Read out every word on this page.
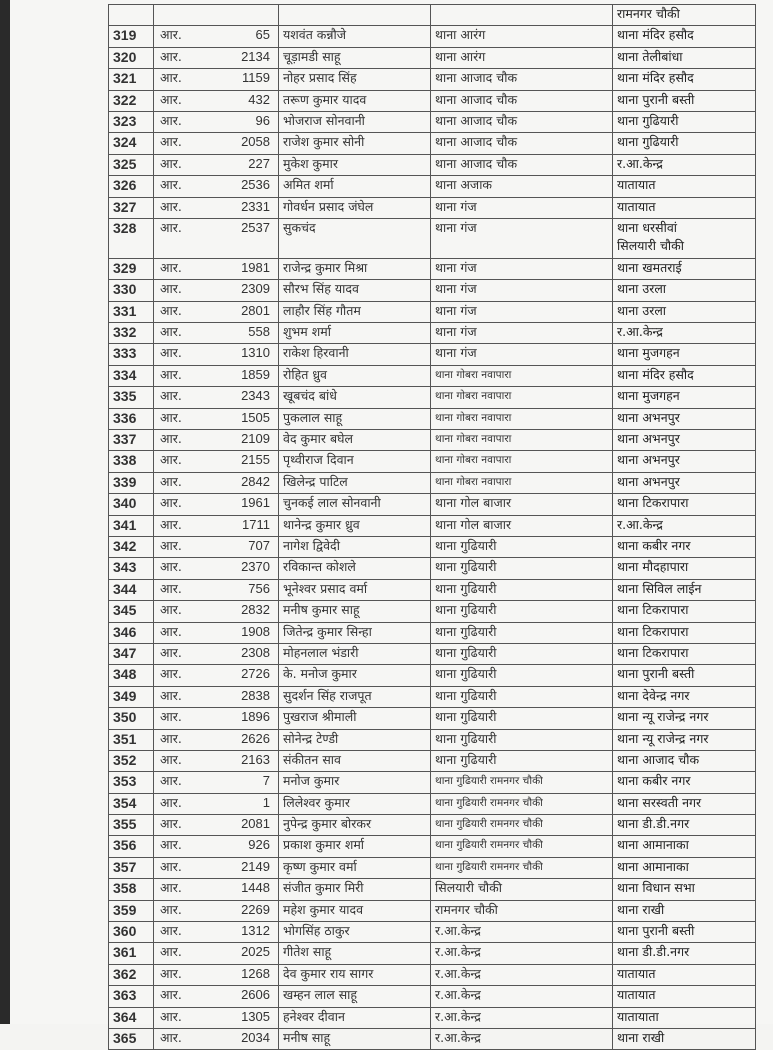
				रामनगर चौकी
319	आर. 65	यशवंत कन्नौजे	थाना आरंग	थाना मंदिर हसौद
320	आर. 2134	चूड़ामडी साहू	थाना आरंग	थाना तेलीबांधा
321	आर. 1159	नोहर प्रसाद सिंह	थाना आजाद चौक	थाना मंदिर हसौद
322	आर. 432	तरूण कुमार यादव	थाना आजाद चौक	थाना पुरानी बस्ती
323	आर. 96	भोजराज सोनवानी	थाना आजाद चौक	थाना गुढियारी
324	आर. 2058	राजेश कुमार सोनी	थाना आजाद चौक	थाना गुढियारी
325	आर. 227	मुकेश कुमार	थाना आजाद चौक	र.आ.केन्द्र
326	आर. 2536	अमित शर्मा	थाना अजाक	यातायात
327	आर. 2331	गोवर्धन प्रसाद जंघेल	थाना गंज	यातायात
328	आर. 2537	सुकचंद	थाना गंज	थाना धरसीवां
सिलयारी चौकी

329	आर. 1981	राजेन्द्र कुमार मिश्रा	थाना गंज	थाना खमतराई
330	आर. 2309	सौरभ सिंह यादव	थाना गंज	थाना उरला
331	आर. 2801	लाहौर सिंह गौतम	थाना गंज	थाना उरला
332	आर. 558	शुभम शर्मा	थाना गंज	र.आ.केन्द्र
333	आर. 1310	राकेश हिरवानी	थाना गंज	थाना मुजगहन
334	आर. 1859	रोहित ध्रुव	थाना गोबरा नवापारा	थाना मंदिर हसौद
335	आर. 2343	खूबचंद बांधे	थाना गोबरा नवापारा	थाना मुजगहन
336	आर. 1505	पुकलाल साहू	थाना गोबरा नवापारा	थाना अभनपुर
337	आर. 2109	वेद कुमार बघेल	थाना गोबरा नवापारा	थाना अभनपुर
338	आर. 2155	पृथ्वीराज दिवान	थाना गोबरा नवापारा	थाना अभनपुर
339	आर. 2842	खिलेन्द्र पाटिल	थाना गोबरा नवापारा	थाना अभनपुर
340	आर. 1961	चुनकई लाल सोनवानी	थाना गोल बाजार	थाना टिकरापारा
341	आर. 1711	थानेन्द्र कुमार ध्रुव	थाना गोल बाजार	र.आ.केन्द्र
342	आर. 707	नागेश द्विवेदी	थाना गुढियारी	थाना कबीर नगर
343	आर. 2370	रविकान्त कोशले	थाना गुढियारी	थाना मौदहापारा
344	आर. 756	भूनेश्वर प्रसाद वर्मा	थाना गुढियारी	थाना सिविल लाईन
345	आर. 2832	मनीष कुमार साहू	थाना गुढियारी	थाना टिकरापारा
346	आर. 1908	जितेन्द्र कुमार सिन्हा	थाना गुढियारी	थाना टिकरापारा
347	आर. 2308	मोहनलाल भंडारी	थाना गुढियारी	थाना टिकरापारा
348	आर. 2726	के. मनोज कुमार	थाना गुढियारी	थाना पुरानी बस्ती
349	आर. 2838	सुदर्शन सिंह राजपूत	थाना गुढियारी	थाना देवेन्द्र नगर
350	आर. 1896	पुखराज श्रीमाली	थाना गुढियारी	थाना न्यू राजेन्द्र नगर
351	आर. 2626	सोनेन्द्र टेण्डी	थाना गुढियारी	थाना न्यू राजेन्द्र नगर
352	आर. 2163	संकीतन साव	थाना गुढियारी	थाना आजाद चौक
353	आर. 7	मनोज कुमार	थाना गुढियारी रामनगर चौकी	थाना कबीर नगर
354	आर. 1	लिलेश्वर कुमार	थाना गुढियारी रामनगर चौकी	थाना सरस्वती नगर
355	आर. 2081	नुपेन्द्र कुमार बोरकर	थाना गुढियारी रामनगर चौकी	थाना डी.डी.नगर
356	आर. 926	प्रकाश कुमार शर्मा	थाना गुढियारी रामनगर चौकी	थाना आमानाका
357	आर. 2149	कृष्ण कुमार वर्मा	थाना गुढियारी रामनगर चौकी	थाना आमानाका
358	आर. 1448	संजीत कुमार मिरी	सिलयारी चौकी	थाना विधान सभा
359	आर. 2269	महेश कुमार यादव	रामनगर चौकी	थाना राखी
360	आर. 1312	भोगसिंह ठाकुर	र.आ.केन्द्र	थाना पुरानी बस्ती
361	आर. 2025	गीतेश साहू	र.आ.केन्द्र	थाना डी.डी.नगर
362	आर. 1268	देव कुमार राय सागर	र.आ.केन्द्र	यातायात
363	आर. 2606	खम्हन लाल साहू	र.आ.केन्द्र	यातायात
364	आर. 1305	हनेश्वर दीवान	र.आ.केन्द्र	यातायाता
365	आर. 2034	मनीष साहू	र.आ.केन्द्र	थाना राखी
